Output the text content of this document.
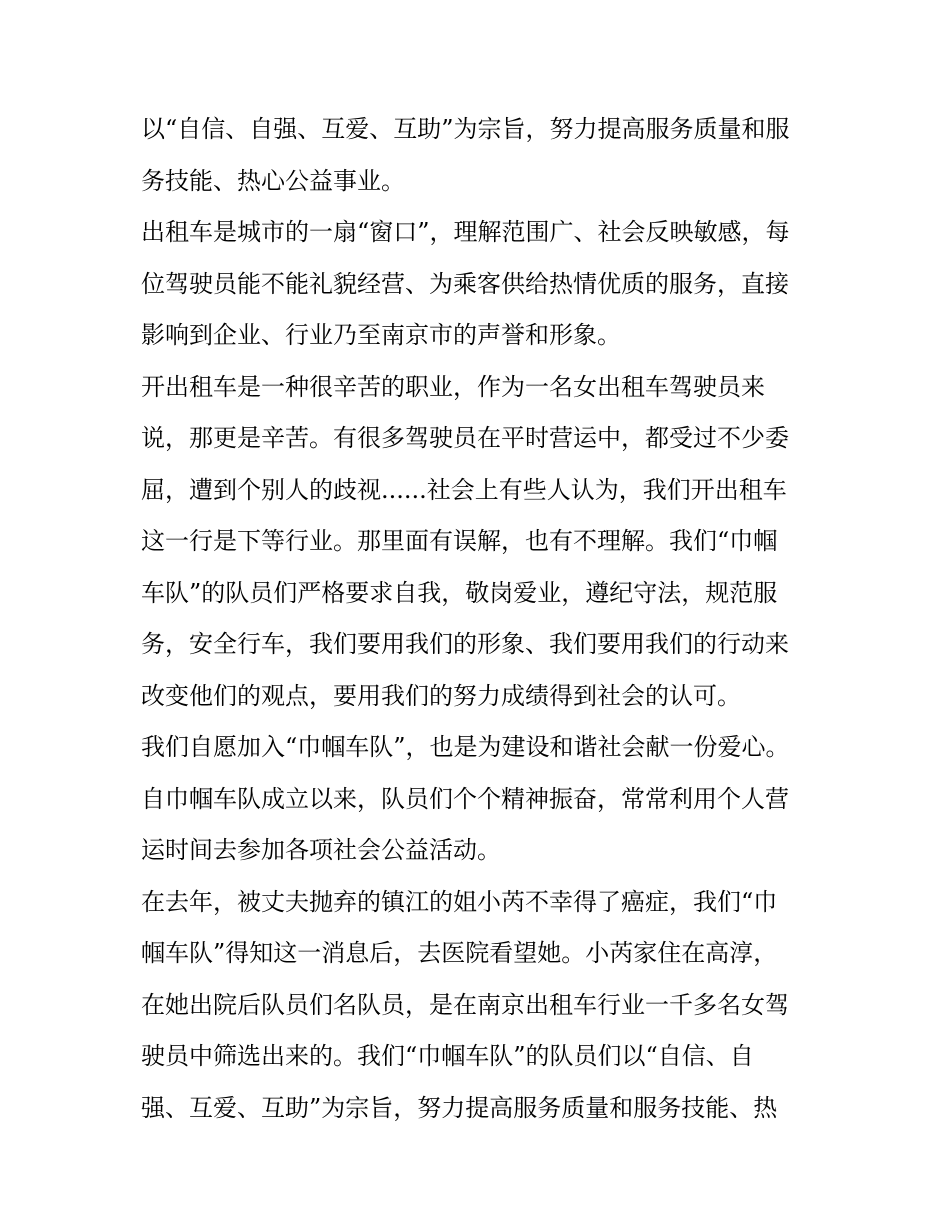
以“自信、自强、互爱、互助”为宗旨，努力提高服务质量和服
务技能、热心公益事业。
出租车是城市的一扇“窗口”，理解范围广、社会反映敏感，每
位驾驶员能不能礼貌经营、为乘客供给热情优质的服务，直接
影响到企业、行业乃至南京市的声誉和形象。
开出租车是一种很辛苦的职业，作为一名女出租车驾驶员来
说，那更是辛苦。有很多驾驶员在平时营运中，都受过不少委
屈，遭到个别人的歧视......社会上有些人认为，我们开出租车
这一行是下等行业。那里面有误解，也有不理解。我们“巾帼
车队”的队员们严格要求自我，敬岗爱业，遵纪守法，规范服
务，安全行车，我们要用我们的形象、我们要用我们的行动来
改变他们的观点，要用我们的努力成绩得到社会的认可。
我们自愿加入“巾帼车队”，也是为建设和谐社会献一份爱心。
自巾帼车队成立以来，队员们个个精神振奋，常常利用个人营
运时间去参加各项社会公益活动。
在去年，被丈夫抛弃的镇江的姐小芮不幸得了癌症，我们“巾
帼车队”得知这一消息后，去医院看望她。小芮家住在高淳，
在她出院后队员们名队员，是在南京出租车行业一千多名女驾
驶员中筛选出来的。我们“巾帼车队”的队员们以“自信、自
强、互爱、互助”为宗旨，努力提高服务质量和服务技能、热
